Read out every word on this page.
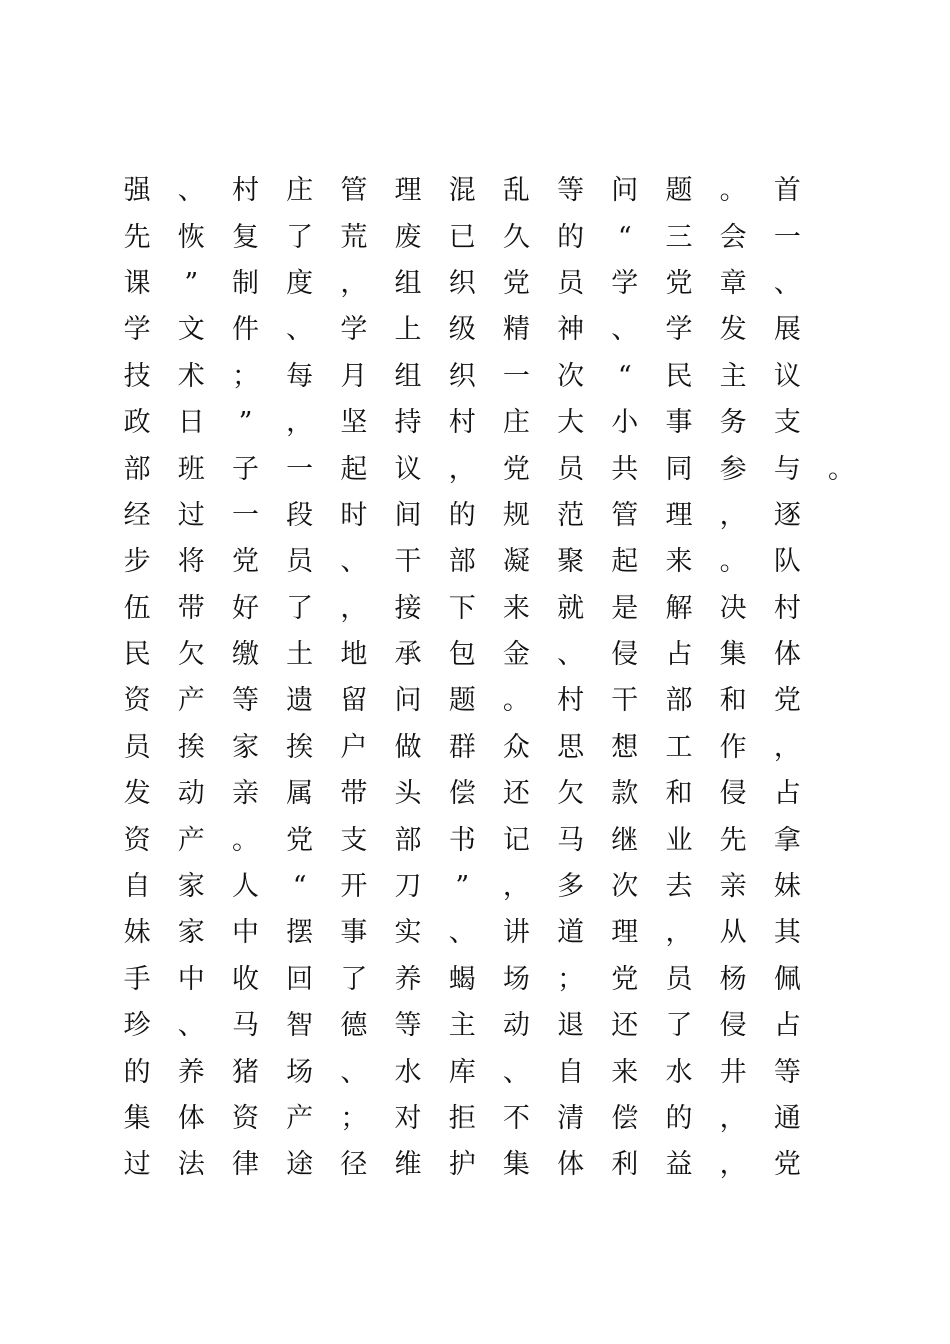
强	、	村	庄	管	理	混	乱	等	问	题	。	首
先	恢	复	了	荒	废	已	久	的	“	三	会	一
课	”	制	度	，	组	织	党	员	学	党	章	、
学	文	件	、	学	上	级	精	神	、	学	发	展
技	术	；	每	月	组	织	一	次	“	民	主	议
政	日	”	，	坚	持	村	庄	大	小	事	务	支
部	班	子	一	起	议	，	党	员	共	同	参	与	。
经	过	一	段	时	间	的	规	范	管	理	，	逐
步	将	党	员	、	干	部	凝	聚	起	来	。	队
伍	带	好	了	，	接	下	来	就	是	解	决	村
民	欠	缴	土	地	承	包	金	、	侵	占	集	体
资	产	等	遗	留	问	题	。	村	干	部	和	党
员	挨	家	挨	户	做	群	众	思	想	工	作	，
发	动	亲	属	带	头	偿	还	欠	款	和	侵	占
资	产	。	党	支	部	书	记	马	继	业	先	拿
自	家	人	“	开	刀	”	，	多	次	去	亲	妹
妹	家	中	摆	事	实	、	讲	道	理	，	从	其
手	中	收	回	了	养	蝎	场	；	党	员	杨	佩
珍	、	马	智	德	等	主	动	退	还	了	侵	占
的	养	猪	场	、	水	库	、	自	来	水	井	等
集	体	资	产	；	对	拒	不	清	偿	的	，	通
过	法	律	途	径	维	护	集	体	利	益	，	党
